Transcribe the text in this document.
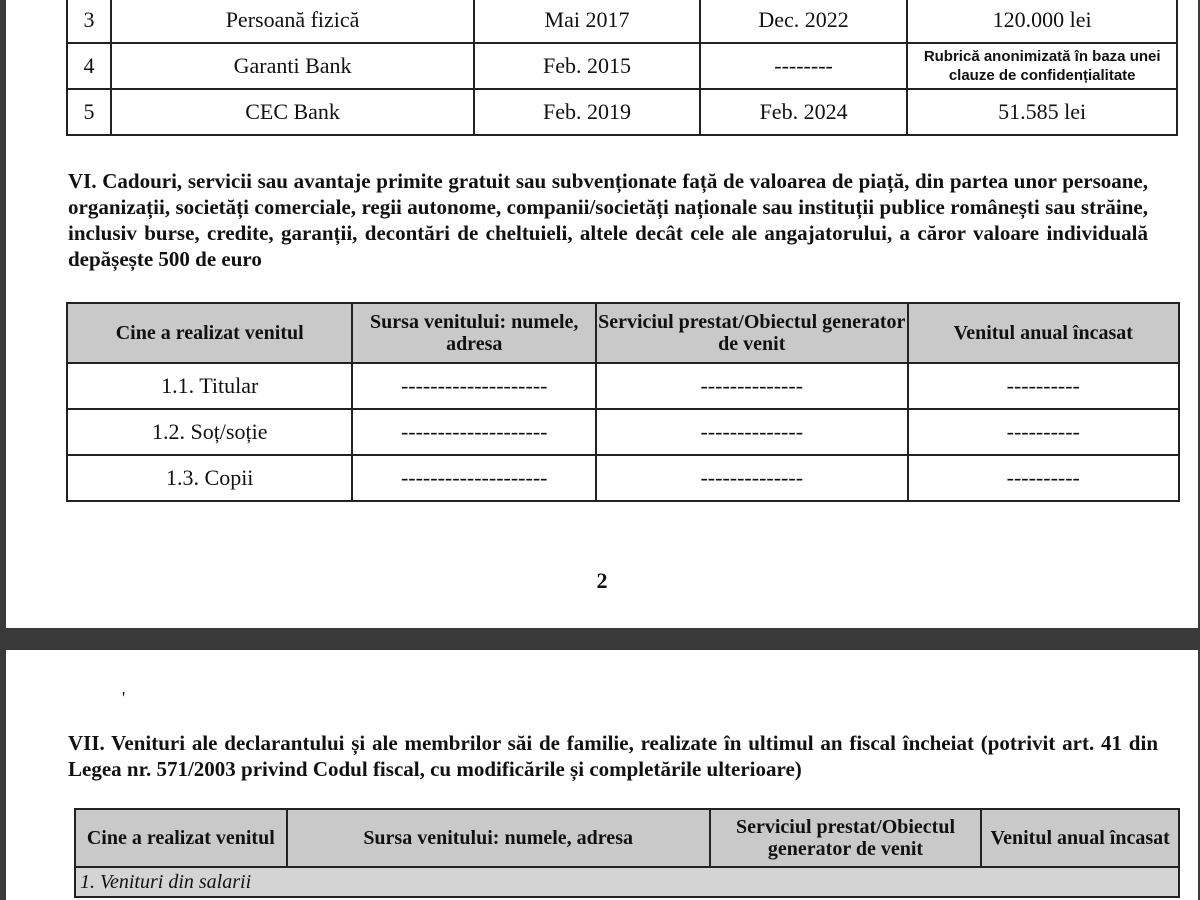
3	Persoană fizică	Mai 2017	Dec. 2022	120.000 lei
4	Garanti Bank	Feb. 2015	--------	Rubrică anonimizată în baza unei clauze de confidențialitate
5	CEC Bank	Feb. 2019	Feb. 2024	51.585 lei
VI. Cadouri, servicii sau avantaje primite gratuit sau subvenționate față de valoarea de piață, din partea unor persoane, organizații, societăți comerciale, regii autonome, companii/societăți naționale sau instituții publice românești sau străine, inclusiv burse, credite, garanții, decontări de cheltuieli, altele decât cele ale angajatorului, a căror valoare individuală depășește 500 de euro
Cine a realizat venitul	Sursa venitului: numele, adresa	Serviciul prestat/Obiectul generator de venit	Venitul anual încasat
1.1. Titular	--------------------	--------------	----------
1.2. Soț/soție	--------------------	--------------	----------
1.3. Copii	--------------------	--------------	----------
2
'
VII. Venituri ale declarantului și ale membrilor săi de familie, realizate în ultimul an fiscal încheiat (potrivit art. 41 din Legea nr. 571/2003 privind Codul fiscal, cu modificările și completările ulterioare)
Cine a realizat venitul	Sursa venitului: numele, adresa	Serviciul prestat/Obiectul generator de venit	Venitul anual încasat
1. Venituri din salarii
